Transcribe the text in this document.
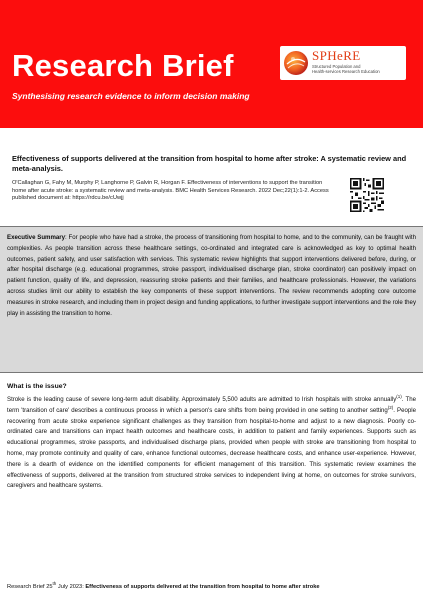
Research Brief
Synthesising research evidence to inform decision making
SPHeRE
Structured Population and
Health-services Research Education
Effectiveness of supports delivered at the transition from hospital to home after stroke: A systematic review and meta-analysis.
O'Callaghan G, Fahy M, Murphy P, Langhorne P, Galvin R, Horgan F. Effectiveness of interventions to support the transition home after acute stroke: a systematic review and meta-analysis. BMC Health Services Research. 2022 Dec;22(1):1-2. Access published document at: https://rdcu.be/cUwjj
Executive Summary: For people who have had a stroke, the process of transitioning from hospital to home, and to the community, can be fraught with complexities. As people transition across these healthcare settings, co-ordinated and integrated care is acknowledged as key to optimal health outcomes, patient safety, and user satisfaction with services. This systematic review highlights that support interventions delivered before, during, or after hospital discharge (e.g. educational programmes, stroke passport, individualised discharge plan, stroke coordinator) can positively impact on patient function, quality of life, and depression, reassuring stroke patients and their families, and healthcare professionals. However, the variations across studies limit our ability to establish the key components of these support interventions. The review recommends adopting core outcome measures in stroke research, and including them in project design and funding applications, to further investigate support interventions and the role they play in assisting the transition to home.
What is the issue?
Stroke is the leading cause of severe long-term adult disability. Approximately 5,500 adults are admitted to Irish hospitals with stroke annually$^{(1)}$. The term 'transition of care' describes a continuous process in which a person's care shifts from being provided in one setting to another setting$^{(2)}$. People recovering from acute stroke experience significant challenges as they transition from hospital-to-home and adjust to a new diagnosis. Poorly co-ordinated care and transitions can impact health outcomes and healthcare costs, in addition to patient and family experiences. Supports such as educational programmes, stroke passports, and individualised discharge plans, provided when people with stroke are transitioning from hospital to home, may promote continuity and quality of care, enhance functional outcomes, decrease healthcare costs, and enhance user-experience. However, there is a dearth of evidence on the identified components for efficient management of this transition. This systematic review examines the effectiveness of supports, delivered at the transition from structured stroke services to independent living at home, on outcomes for stroke survivors, caregivers and healthcare systems.
Research Brief 25th July 2023: Effectiveness of supports delivered at the transition from hospital to home after stroke
